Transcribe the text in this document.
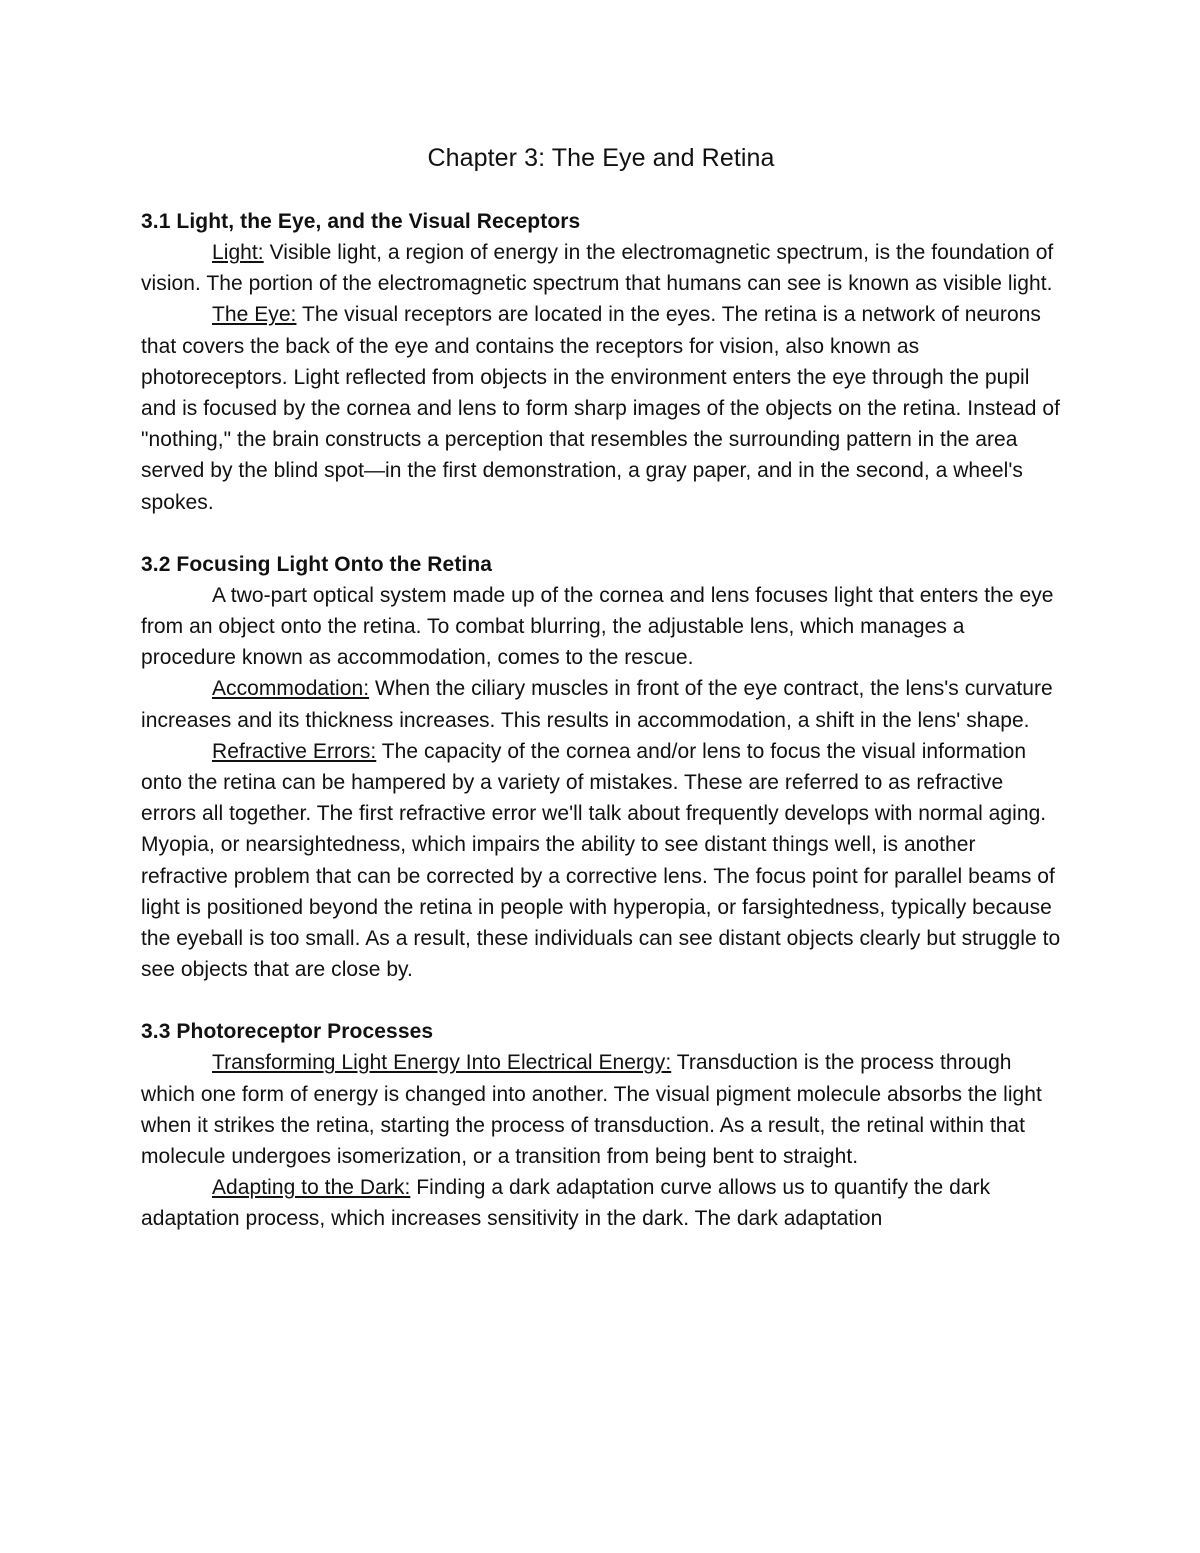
Chapter 3: The Eye and Retina
3.1 Light, the Eye, and the Visual Receptors

Light: Visible light, a region of energy in the electromagnetic spectrum, is the foundation of vision. The portion of the electromagnetic spectrum that humans can see is known as visible light.

The Eye: The visual receptors are located in the eyes. The retina is a network of neurons that covers the back of the eye and contains the receptors for vision, also known as photoreceptors. Light reflected from objects in the environment enters the eye through the pupil and is focused by the cornea and lens to form sharp images of the objects on the retina. Instead of "nothing," the brain constructs a perception that resembles the surrounding pattern in the area served by the blind spot—in the first demonstration, a gray paper, and in the second, a wheel's spokes.

3.2 Focusing Light Onto the Retina

A two-part optical system made up of the cornea and lens focuses light that enters the eye from an object onto the retina. To combat blurring, the adjustable lens, which manages a procedure known as accommodation, comes to the rescue.

Accommodation: When the ciliary muscles in front of the eye contract, the lens's curvature increases and its thickness increases. This results in accommodation, a shift in the lens' shape.

Refractive Errors: The capacity of the cornea and/or lens to focus the visual information onto the retina can be hampered by a variety of mistakes. These are referred to as refractive errors all together. The first refractive error we'll talk about frequently develops with normal aging. Myopia, or nearsightedness, which impairs the ability to see distant things well, is another refractive problem that can be corrected by a corrective lens. The focus point for parallel beams of light is positioned beyond the retina in people with hyperopia, or farsightedness, typically because the eyeball is too small. As a result, these individuals can see distant objects clearly but struggle to see objects that are close by.

3.3 Photoreceptor Processes

Transforming Light Energy Into Electrical Energy: Transduction is the process through which one form of energy is changed into another. The visual pigment molecule absorbs the light when it strikes the retina, starting the process of transduction. As a result, the retinal within that molecule undergoes isomerization, or a transition from being bent to straight.

Adapting to the Dark: Finding a dark adaptation curve allows us to quantify the dark adaptation process, which increases sensitivity in the dark. The dark adaptation
